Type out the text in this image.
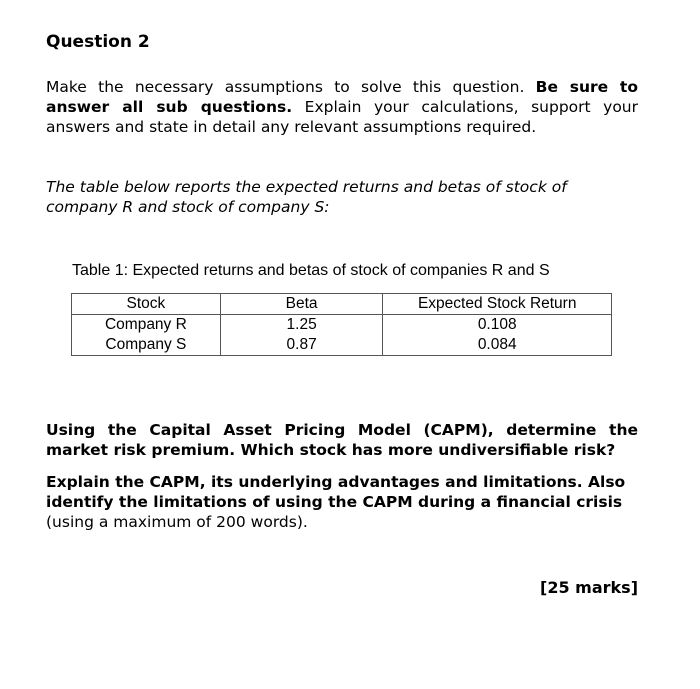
Question 2
Make the necessary assumptions to solve this question. Be sure to answer all sub questions. Explain your calculations, support your answers and state in detail any relevant assumptions required.
The table below reports the expected returns and betas of stock of company R and stock of company S:
Table 1: Expected returns and betas of stock of companies R and S
Stock	Beta	Expected Stock Return
Company R	1.25	0.108
Company S	0.87	0.084
Using the Capital Asset Pricing Model (CAPM), determine the market risk premium. Which stock has more undiversifiable risk?
Explain the CAPM, its underlying advantages and limitations. Also identify the limitations of using the CAPM during a financial crisis (using a maximum of 200 words).
[25 marks]
